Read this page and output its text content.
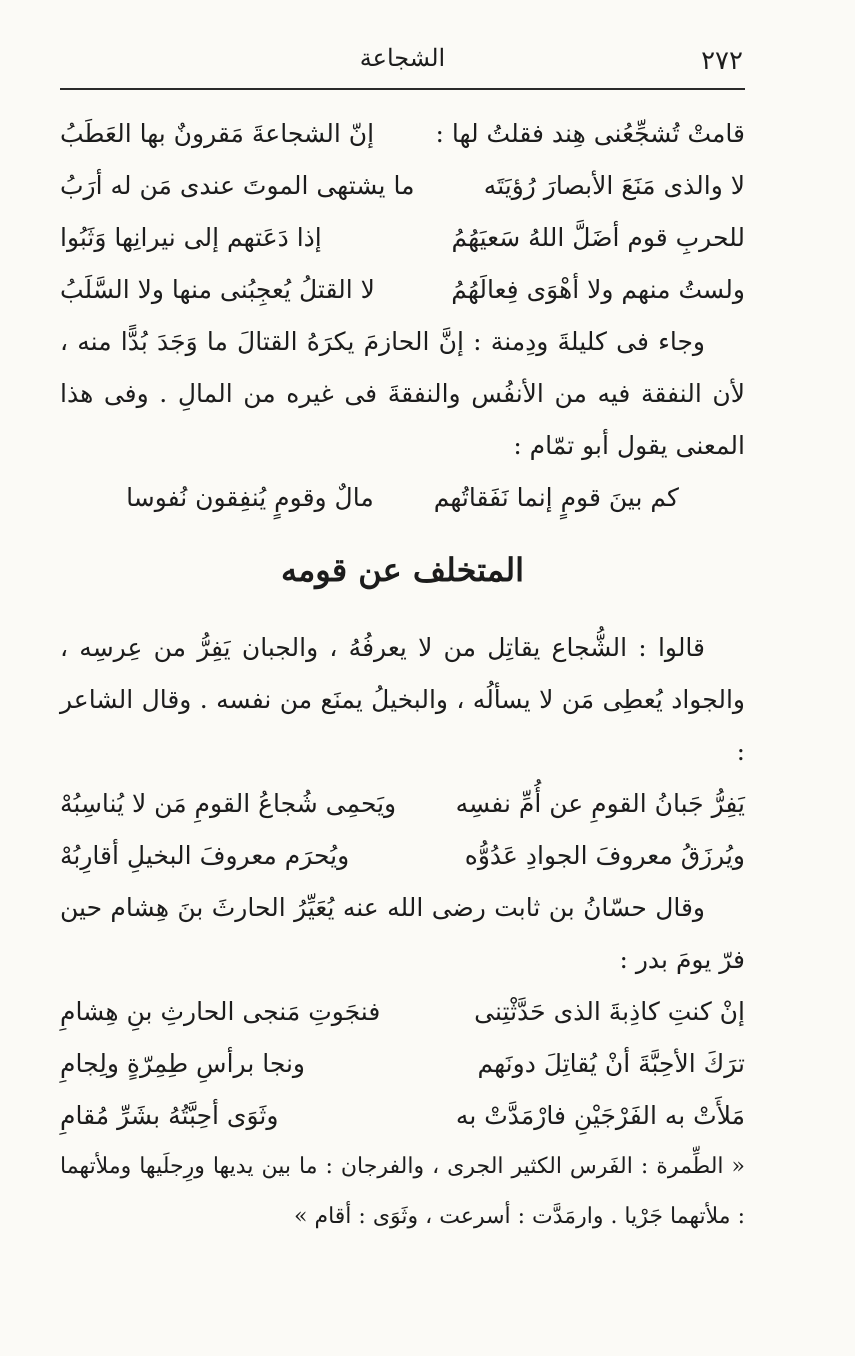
٢٧٢
الشجاعة
قامتْ تُشجِّعُنى هِند فقلتُ لها :
إنّ الشجاعةَ مَقرونٌ بها العَطَبُ
لا والذى مَنَعَ الأبصارَ رُؤيَتَه
ما يشتهى الموتَ عندى مَن له أرَبُ
للحربِ قوم أضَلَّ اللهُ سَعيَهُمُ
إذا دَعَتهم إلى نيرانِها وَثَبُوا
ولستُ منهم ولا أهْوَى فِعالَهُمُ
لا القتلُ يُعجِبُنى منها ولا السَّلَبُ

وجاء فى كليلةَ ودِمنة : إنَّ الحازمَ يكرَهُ القتالَ ما وَجَدَ بُدًّا منه ، لأن النفقة فيه من الأنفُس والنفقةَ فى غيره من المالِ . وفى هذا المعنى يقول أبو تمّام :

كم بينَ قومٍ إنما نَفَقاتُهم
مالٌ وقومٍ يُنفِقون نُفوسا
المتخلف عن قومه

قالوا : الشُّجاع يقاتِل من لا يعرفُهُ ، والجبان يَفِرُّ من عِرسِه ، والجواد يُعطِى مَن لا يسألُه ، والبخيلُ يمنَع من نفسه . وقال الشاعر :

يَفِرُّ جَبانُ القومِ عن أُمِّ نفسِه
ويَحمِى شُجاعُ القومِ مَن لا يُناسِبُهْ
ويُرزَقُ معروفَ الجوادِ عَدُوُّه
ويُحرَم معروفَ البخيلِ أقارِبُهْ

وقال حسّانُ بن ثابت رضى الله عنه يُعَيِّرُ الحارثَ بنَ هِشام حين فرّ يومَ بدر :

إنْ كنتِ كاذِبةَ الذى حَدَّثْتِنى
فنجَوتِ مَنجى الحارثِ بنِ هِشامِ
ترَكَ الأحِبَّةَ أنْ يُقاتِلَ دونَهم
ونجا برأسِ طِمِرّةٍ ولِجامِ
مَلأَتْ به الفَرْجَيْنِ فارْمَدَّتْ به
وثَوَى أحِبَّتُهُ بشَرِّ مُقامِ

« الطِّمرة : الفَرس الكثير الجرى ، والفرجان : ما بين يديها ورِجلَيها وملأتهما : ملأتهما جَرْيا . وارمَدَّت : أسرعت ، وثَوَى : أقام »
